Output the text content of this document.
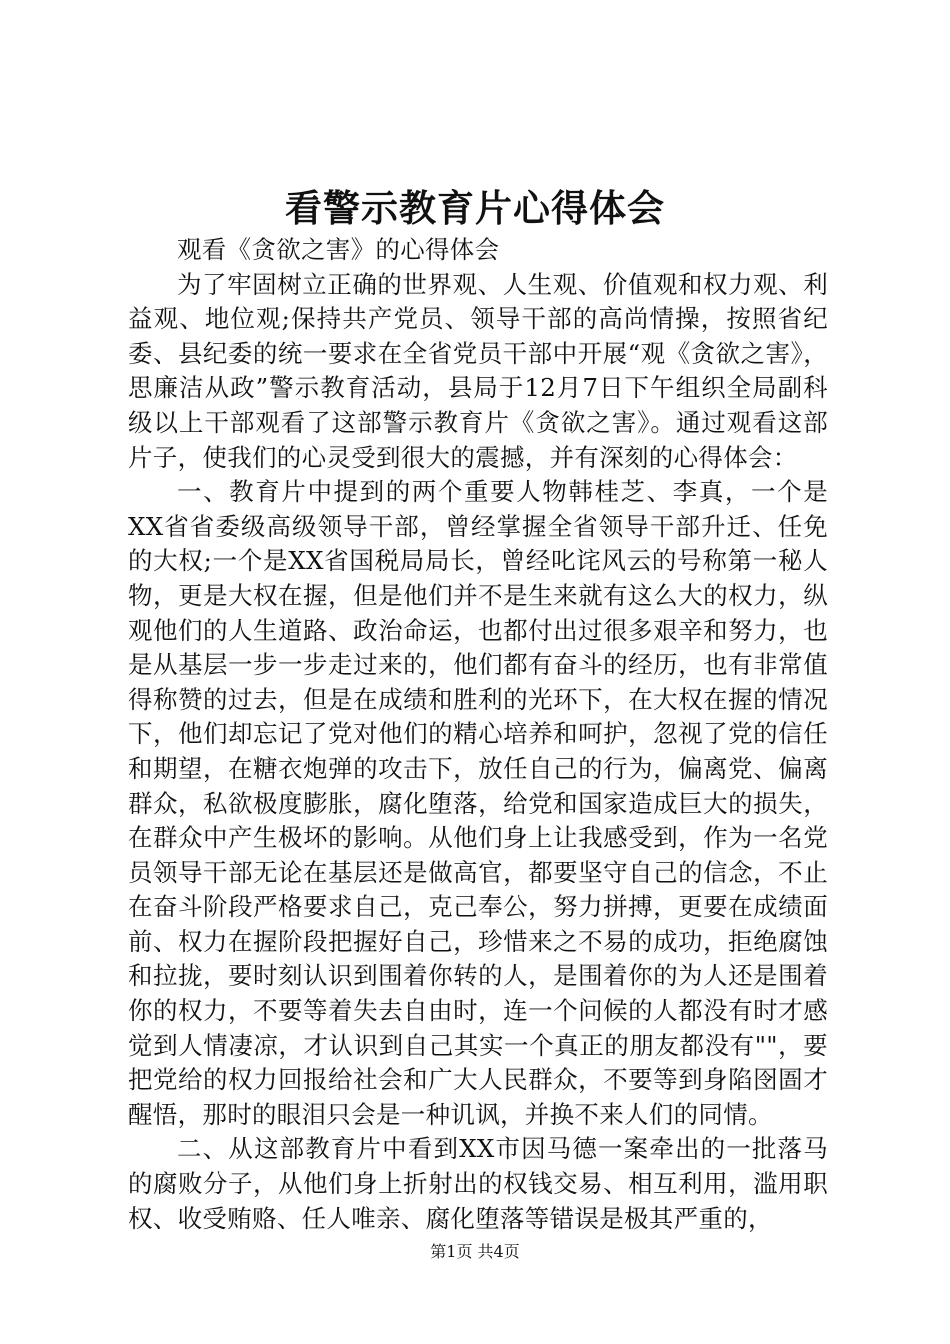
看警示教育片心得体会

观看《贪欲之害》的心得体会

为了牢固树立正确的世界观、人生观、价值观和权力观、利益观、地位观;保持共产党员、领导干部的高尚情操，按照省纪委、县纪委的统一要求在全省党员干部中开展“观《贪欲之害》，思廉洁从政”警示教育活动，县局于12月7日下午组织全局副科级以上干部观看了这部警示教育片《贪欲之害》。通过观看这部片子，使我们的心灵受到很大的震撼，并有深刻的心得体会：

一、教育片中提到的两个重要人物韩桂芝、李真，一个是XX省省委级高级领导干部，曾经掌握全省领导干部升迁、任免的大权;一个是XX省国税局局长，曾经叱诧风云的号称第一秘人物，更是大权在握，但是他们并不是生来就有这么大的权力，纵观他们的人生道路、政治命运，也都付出过很多艰辛和努力，也是从基层一步一步走过来的，他们都有奋斗的经历，也有非常值得称赞的过去，但是在成绩和胜利的光环下，在大权在握的情况下，他们却忘记了党对他们的精心培养和呵护，忽视了党的信任和期望，在糖衣炮弹的攻击下，放任自己的行为，偏离党、偏离群众，私欲极度膨胀，腐化堕落，给党和国家造成巨大的损失，在群众中产生极坏的影响。从他们身上让我感受到，作为一名党员领导干部无论在基层还是做高官，都要坚守自己的信念，不止在奋斗阶段严格要求自己，克己奉公，努力拼搏，更要在成绩面前、权力在握阶段把握好自己，珍惜来之不易的成功，拒绝腐蚀和拉拢，要时刻认识到围着你转的人，是围着你的为人还是围着你的权力，不要等着失去自由时，连一个问候的人都没有时才感觉到人情凄凉，才认识到自己其实一个真正的朋友都没有""，要把党给的权力回报给社会和广大人民群众，不要等到身陷囹圄才醒悟，那时的眼泪只会是一种讥讽，并换不来人们的同情。

二、从这部教育片中看到XX市因马德一案牵出的一批落马的腐败分子，从他们身上折射出的权钱交易、相互利用，滥用职权、收受贿赂、任人唯亲、腐化堕落等错误是极其严重的，

第1页 共4页
